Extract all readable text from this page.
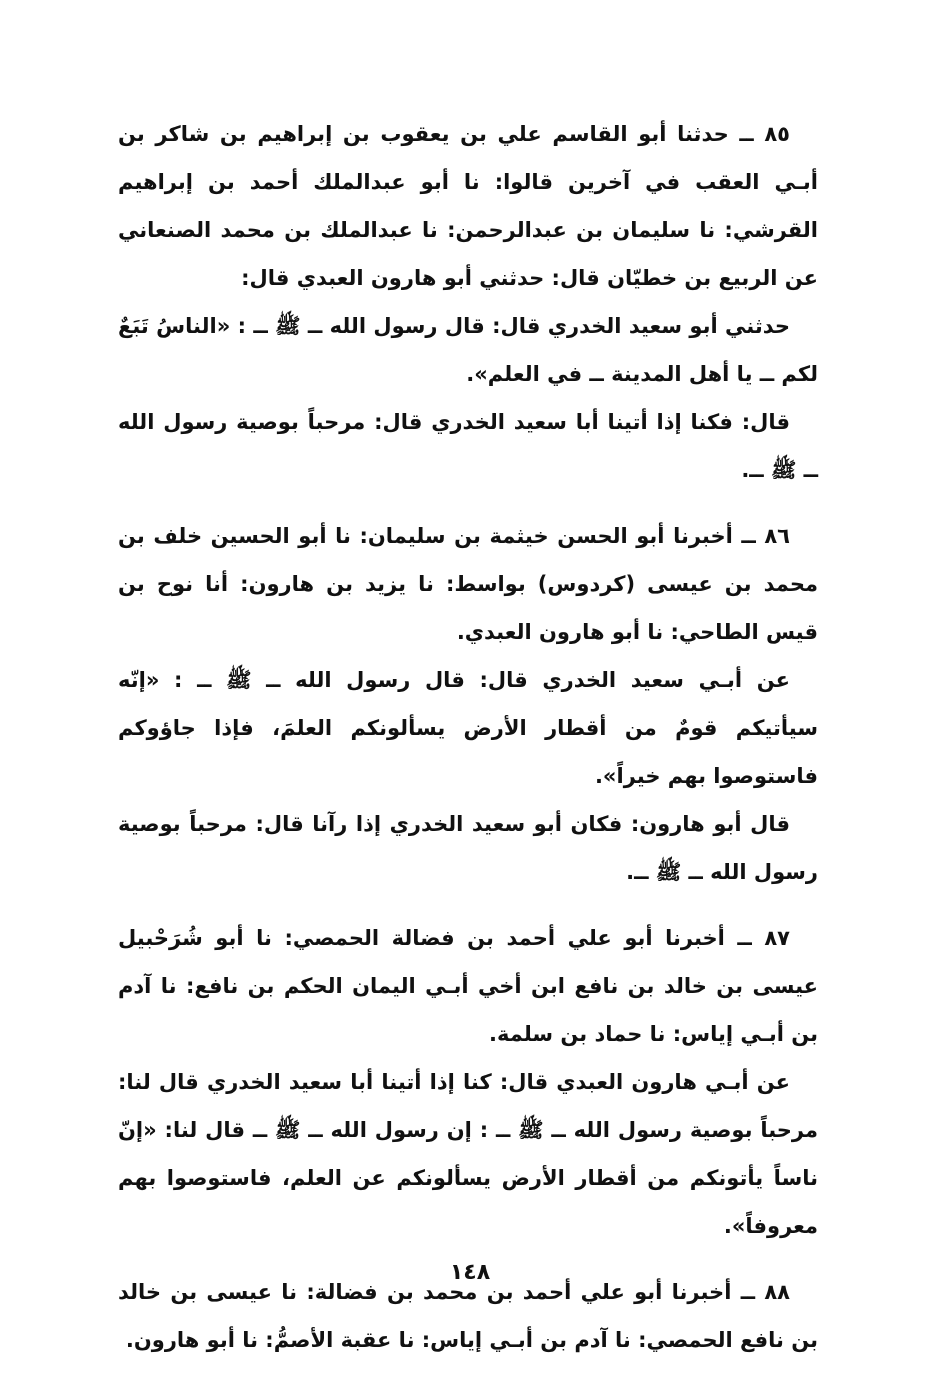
٨٥ ــ حدثنا أبو القاسم علي بن يعقوب بن إبراهيم بن شاكر بن أبـي العقب في آخرين قالوا: نا أبو عبدالملك أحمد بن إبراهيم القرشي: نا سليمان بن عبدالرحمن: نا عبدالملك بن محمد الصنعاني عن الربيع بن خطيّان قال: حدثني أبو هارون العبدي قال:

حدثني أبو سعيد الخدري قال: قال رسول الله ــ ﷺ ــ : «الناسُ تَبَعٌ لكم ــ يا أهل المدينة ــ في العلم».

قال: فكنا إذا أتينا أبا سعيد الخدري قال: مرحباً بوصية رسول الله ــ ﷺ ــ.

٨٦ ــ أخبرنا أبو الحسن خيثمة بن سليمان: نا أبو الحسين خلف بن محمد بن عيسى (كردوس) بواسط: نا يزيد بن هارون: أنا نوح بن قيس الطاحي: نا أبو هارون العبدي.

عن أبـي سعيد الخدري قال: قال رسول الله ــ ﷺ ــ : «إنّه سيأتيكم قومٌ من أقطار الأرض يسألونكم العلمَ، فإذا جاؤوكم فاستوصوا بهم خيراً».

قال أبو هارون: فكان أبو سعيد الخدري إذا رآنا قال: مرحباً بوصية رسول الله ــ ﷺ ــ.

٨٧ ــ أخبرنا أبو علي أحمد بن فضالة الحمصي: نا أبو شُرَحْبيل عيسى بن خالد بن نافع ابن أخي أبـي اليمان الحكم بن نافع: نا آدم بن أبـي إياس: نا حماد بن سلمة.

عن أبـي هارون العبدي قال: كنا إذا أتينا أبا سعيد الخدري قال لنا: مرحباً بوصية رسول الله ــ ﷺ ــ : إن رسول الله ــ ﷺ ــ قال لنا: «إنّ ناساً يأتونكم من أقطار الأرض يسألونكم عن العلم، فاستوصوا بهم معروفاً».

٨٨ ــ أخبرنا أبو علي أحمد بن محمد بن فضالة: نا عيسى بن خالد بن نافع الحمصي: نا آدم بن أبـي إياس: نا عقبة الأصمُّ: نا أبو هارون.

١٤٨
